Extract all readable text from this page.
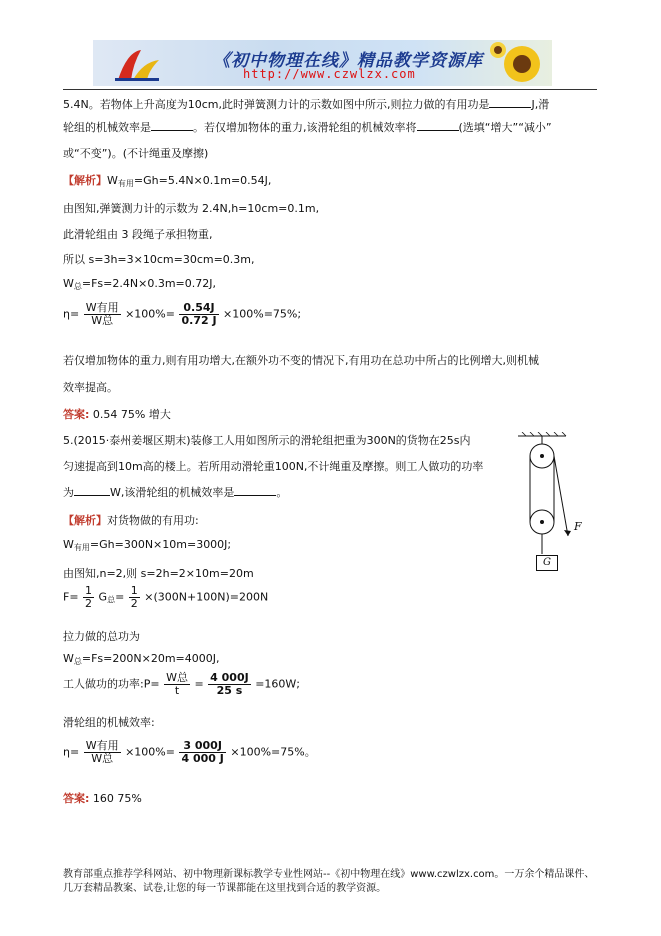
《初中物理在线》精品教学资源库
http://www.czwlzx.com
5.4N。若物体上升高度为10cm,此时弹簧测力计的示数如图中所示,则拉力做的有用功是	J,滑
轮组的机械效率是	。若仅增加物体的重力,该滑轮组的机械效率将	(选填“增大”“减小”
或“不变”)。(不计绳重及摩擦)
【解析】$W_{有用}=Gh=5.4N\times 0.1m=0.54J$,
由图知,弹簧测力计的示数为 2.4N,h=10cm=0.1m,
此滑轮组由 3 段绳子承担物重,
所以 s=3h=3×10cm=30cm=0.3m,
$W_总=Fs=2.4N\times 0.3m=0.72J$,
$\eta= \frac{\text{W有用}}{\text{W总}} \times 100\%= \frac{0.54J}{0.72 J} \times 100\%=75\%$;
若仅增加物体的重力,则有用功增大,在额外功不变的情况下,有用功在总功中所占的比例增大,则机械
效率提高。
答案: 0.54 75% 增大
5.(2015·泰州姜堰区期末)装修工人用如图所示的滑轮组把重为300N的货物在25s内
匀速提高到10m高的楼上。若所用动滑轮重100N,不计绳重及摩擦。则工人做功的功率
为	W,该滑轮组的机械效率是	。
F
G
【解析】对货物做的有用功:
$W_{有用}=Gh=300N\times 10m=3000J$;
由图知,n=2,则 s=2h=2×10m=20m
$F= \frac{1}{2} G_总= \frac{1}{2} \times(300N+100N)=200N$
拉力做的总功为
$W_总=Fs=200N\times 20m=4000J$,
工人做功的功率:P= $\frac{\text{W总}}{t} = \frac{4 000J}{25 s} =160W$;
滑轮组的机械效率:
$\eta= \frac{\text{W有用}}{\text{W总}} \times 100\%= \frac{3 000J}{4 000 J} \times 100\%=75\%$。
答案: 160 75%
教育部重点推荐学科网站、初中物理新课标教学专业性网站--《初中物理在线》www.czwlzx.com。一万余个精品课件、
几万套精品教案、试卷,让您的每一节课都能在这里找到合适的教学资源。
